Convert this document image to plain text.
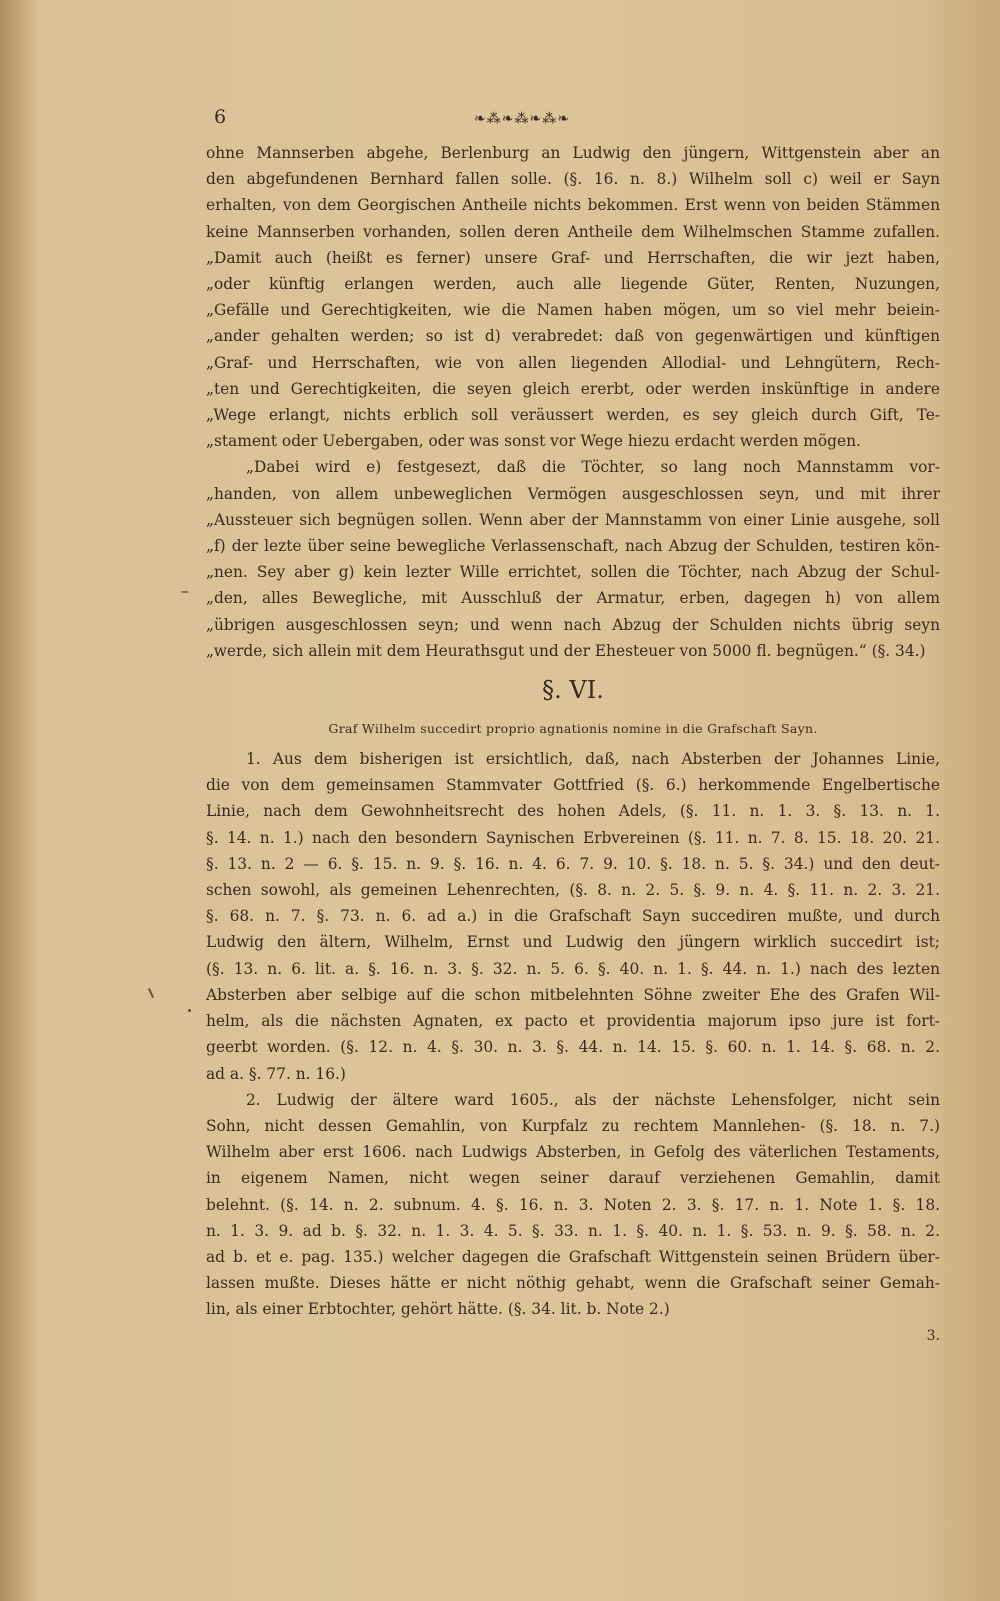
–
6	❧⁂❧⁂❧⁂❧
ohne Mannserben abgehe, Berlenburg an Ludwig den jüngern, Wittgenstein aber an
den abgefundenen Bernhard fallen solle. (§. 16. n. 8.) Wilhelm soll c) weil er Sayn
erhalten, von dem Georgischen Antheile nichts bekommen. Erst wenn von beiden Stämmen
keine Mannserben vorhanden, sollen deren Antheile dem Wilhelmschen Stamme zufallen.
„Damit auch (heißt es ferner) unsere Graf- und Herrschaften, die wir jezt haben,
„oder künftig erlangen werden, auch alle liegende Güter, Renten, Nuzungen,
„Gefälle und Gerechtigkeiten, wie die Namen haben mögen, um so viel mehr beiein-
„ander gehalten werden; so ist d) verabredet: daß von gegenwärtigen und künftigen
„Graf- und Herrschaften, wie von allen liegenden Allodial- und Lehngütern, Rech-
„ten und Gerechtigkeiten, die seyen gleich ererbt, oder werden inskünftige in andere
„Wege erlangt, nichts erblich soll veräussert werden, es sey gleich durch Gift, Te-
„stament oder Uebergaben, oder was sonst vor Wege hiezu erdacht werden mögen.
„Dabei wird e) festgesezt, daß die Töchter, so lang noch Mannstamm vor-
„handen, von allem unbeweglichen Vermögen ausgeschlossen seyn, und mit ihrer
„Aussteuer sich begnügen sollen. Wenn aber der Mannstamm von einer Linie ausgehe, soll
„f) der lezte über seine bewegliche Verlassenschaft, nach Abzug der Schulden, testiren kön-
„nen. Sey aber g) kein lezter Wille errichtet, sollen die Töchter, nach Abzug der Schul-
„den, alles Bewegliche, mit Ausschluß der Armatur, erben, dagegen h) von allem
„übrigen ausgeschlossen seyn; und wenn nach Abzug der Schulden nichts übrig seyn
„werde, sich allein mit dem Heurathsgut und der Ehesteuer von 5000 fl. begnügen.“ (§. 34.)
§. VI.
Graf Wilhelm succedirt proprio agnationis nomine in die Grafschaft Sayn.
1. Aus dem bisherigen ist ersichtlich, daß, nach Absterben der Johannes Linie,
die von dem gemeinsamen Stammvater Gottfried (§. 6.) herkommende Engelbertische
Linie, nach dem Gewohnheitsrecht des hohen Adels, (§. 11. n. 1. 3. §. 13. n. 1.
§. 14. n. 1.) nach den besondern Saynischen Erbvereinen (§. 11. n. 7. 8. 15. 18. 20. 21.
§. 13. n. 2 — 6. §. 15. n. 9. §. 16. n. 4. 6. 7. 9. 10. §. 18. n. 5. §. 34.) und den deut-
schen sowohl, als gemeinen Lehenrechten, (§. 8. n. 2. 5. §. 9. n. 4. §. 11. n. 2. 3. 21.
§. 68. n. 7. §. 73. n. 6. ad a.) in die Grafschaft Sayn succediren mußte, und durch
Ludwig den ältern, Wilhelm, Ernst und Ludwig den jüngern wirklich succedirt ist;
(§. 13. n. 6. lit. a. §. 16. n. 3. §. 32. n. 5. 6. §. 40. n. 1. §. 44. n. 1.) nach des lezten
Absterben aber selbige auf die schon mitbelehnten Söhne zweiter Ehe des Grafen Wil-
helm, als die nächsten Agnaten, ex pacto et providentia majorum ipso jure ist fort-
geerbt worden. (§. 12. n. 4. §. 30. n. 3. §. 44. n. 14. 15. §. 60. n. 1. 14. §. 68. n. 2.
ad a. §. 77. n. 16.)
2. Ludwig der ältere ward 1605., als der nächste Lehensfolger, nicht sein
Sohn, nicht dessen Gemahlin, von Kurpfalz zu rechtem Mannlehen- (§. 18. n. 7.)
Wilhelm aber erst 1606. nach Ludwigs Absterben, in Gefolg des väterlichen Testaments,
in eigenem Namen, nicht wegen seiner darauf verziehenen Gemahlin, damit
belehnt. (§. 14. n. 2. subnum. 4. §. 16. n. 3. Noten 2. 3. §. 17. n. 1. Note 1. §. 18.
n. 1. 3. 9. ad b. §. 32. n. 1. 3. 4. 5. §. 33. n. 1. §. 40. n. 1. §. 53. n. 9. §. 58. n. 2.
ad b. et e. pag. 135.) welcher dagegen die Grafschaft Wittgenstein seinen Brüdern über-
lassen mußte. Dieses hätte er nicht nöthig gehabt, wenn die Grafschaft seiner Gemah-
lin, als einer Erbtochter, gehört hätte. (§. 34. lit. b. Note 2.)
3.
